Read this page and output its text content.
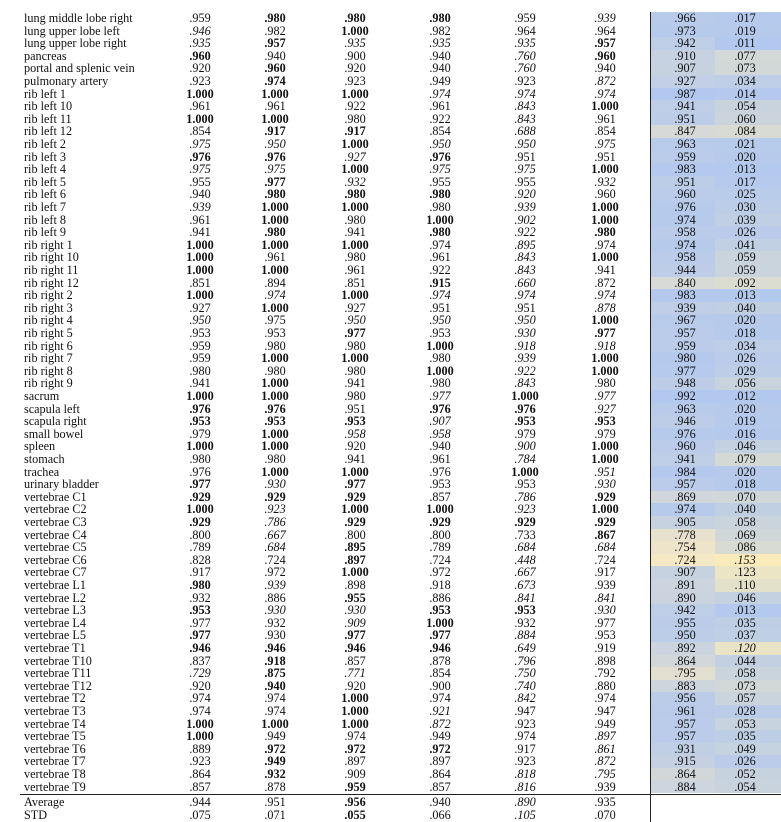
lung middle lobe right	.959	.980	.980	.980	.959	.939	.966	.017
lung upper lobe left	.946	.982	1.000	.982	.964	.964	.973	.019
lung upper lobe right	.935	.957	.935	.935	.935	.957	.942	.011
pancreas	.960	.940	.900	.940	.760	.960	.910	.077
portal and splenic vein	.920	.960	.920	.940	.760	.940	.907	.073
pulmonary artery	.923	.974	.923	.949	.923	.872	.927	.034
rib left 1	1.000	1.000	1.000	.974	.974	.974	.987	.014
rib left 10	.961	.961	.922	.961	.843	1.000	.941	.054
rib left 11	1.000	1.000	.980	.922	.843	.961	.951	.060
rib left 12	.854	.917	.917	.854	.688	.854	.847	.084
rib left 2	.975	.950	1.000	.950	.950	.975	.963	.021
rib left 3	.976	.976	.927	.976	.951	.951	.959	.020
rib left 4	.975	.975	1.000	.975	.975	1.000	.983	.013
rib left 5	.955	.977	.932	.955	.955	.932	.951	.017
rib left 6	.940	.980	.980	.980	.920	.960	.960	.025
rib left 7	.939	1.000	1.000	.980	.939	1.000	.976	.030
rib left 8	.961	1.000	.980	1.000	.902	1.000	.974	.039
rib left 9	.941	.980	.941	.980	.922	.980	.958	.026
rib right 1	1.000	1.000	1.000	.974	.895	.974	.974	.041
rib right 10	1.000	.961	.980	.961	.843	1.000	.958	.059
rib right 11	1.000	1.000	.961	.922	.843	.941	.944	.059
rib right 12	.851	.894	.851	.915	.660	.872	.840	.092
rib right 2	1.000	.974	1.000	.974	.974	.974	.983	.013
rib right 3	.927	1.000	.927	.951	.951	.878	.939	.040
rib right 4	.950	.975	.950	.950	.950	1.000	.967	.020
rib right 5	.953	.953	.977	.953	.930	.977	.957	.018
rib right 6	.959	.980	.980	1.000	.918	.918	.959	.034
rib right 7	.959	1.000	1.000	.980	.939	1.000	.980	.026
rib right 8	.980	.980	.980	1.000	.922	1.000	.977	.029
rib right 9	.941	1.000	.941	.980	.843	.980	.948	.056
sacrum	1.000	1.000	.980	.977	1.000	.977	.992	.012
scapula left	.976	.976	.951	.976	.976	.927	.963	.020
scapula right	.953	.953	.953	.907	.953	.953	.946	.019
small bowel	.979	1.000	.958	.958	.979	.979	.976	.016
spleen	1.000	1.000	.920	.940	.900	1.000	.960	.046
stomach	.980	.980	.941	.961	.784	1.000	.941	.079
trachea	.976	1.000	1.000	.976	1.000	.951	.984	.020
urinary bladder	.977	.930	.977	.953	.953	.930	.957	.018
vertebrae C1	.929	.929	.929	.857	.786	.929	.869	.070
vertebrae C2	1.000	.923	1.000	1.000	.923	1.000	.974	.040
vertebrae C3	.929	.786	.929	.929	.929	.929	.905	.058
vertebrae C4	.800	.667	.800	.800	.733	.867	.778	.069
vertebrae C5	.789	.684	.895	.789	.684	.684	.754	.086
vertebrae C6	.828	.724	.897	.724	.448	.724	.724	.153
vertebrae C7	.917	.972	1.000	.972	.667	.917	.907	.123
vertebrae L1	.980	.939	.898	.918	.673	.939	.891	.110
vertebrae L2	.932	.886	.955	.886	.841	.841	.890	.046
vertebrae L3	.953	.930	.930	.953	.953	.930	.942	.013
vertebrae L4	.977	.932	.909	1.000	.932	.977	.955	.035
vertebrae L5	.977	.930	.977	.977	.884	.953	.950	.037
vertebrae T1	.946	.946	.946	.946	.649	.919	.892	.120
vertebrae T10	.837	.918	.857	.878	.796	.898	.864	.044
vertebrae T11	.729	.875	.771	.854	.750	.792	.795	.058
vertebrae T12	.920	.940	.920	.900	.740	.880	.883	.073
vertebrae T2	.974	.974	1.000	.974	.842	.974	.956	.057
vertebrae T3	.974	.974	1.000	.921	.947	.947	.961	.028
vertebrae T4	1.000	1.000	1.000	.872	.923	.949	.957	.053
vertebrae T5	1.000	.949	.974	.949	.974	.897	.957	.035
vertebrae T6	.889	.972	.972	.972	.917	.861	.931	.049
vertebrae T7	.923	.949	.897	.897	.923	.872	.915	.026
vertebrae T8	.864	.932	.909	.864	.818	.795	.864	.052
vertebrae T9	.857	.878	.959	.857	.816	.939	.884	.054
Average	.944	.951	.956	.940	.890	.935
STD	.075	.071	.055	.066	.105	.070
